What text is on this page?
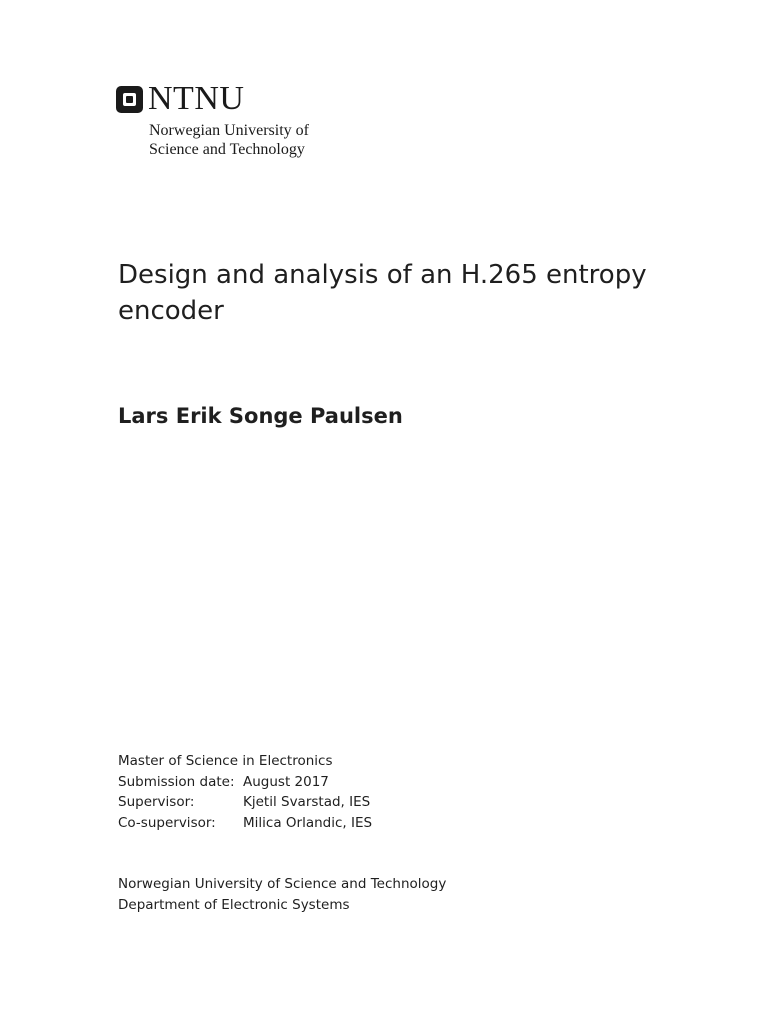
NTNU
Norwegian University of
Science and Technology
Design and analysis of an H.265 entropy
encoder
Lars Erik Songe Paulsen
Master of Science in Electronics
Submission date: August 2017
Supervisor:	Kjetil Svarstad, IES
Co-supervisor:	Milica Orlandic, IES
Norwegian University of Science and Technology
Department of Electronic Systems
